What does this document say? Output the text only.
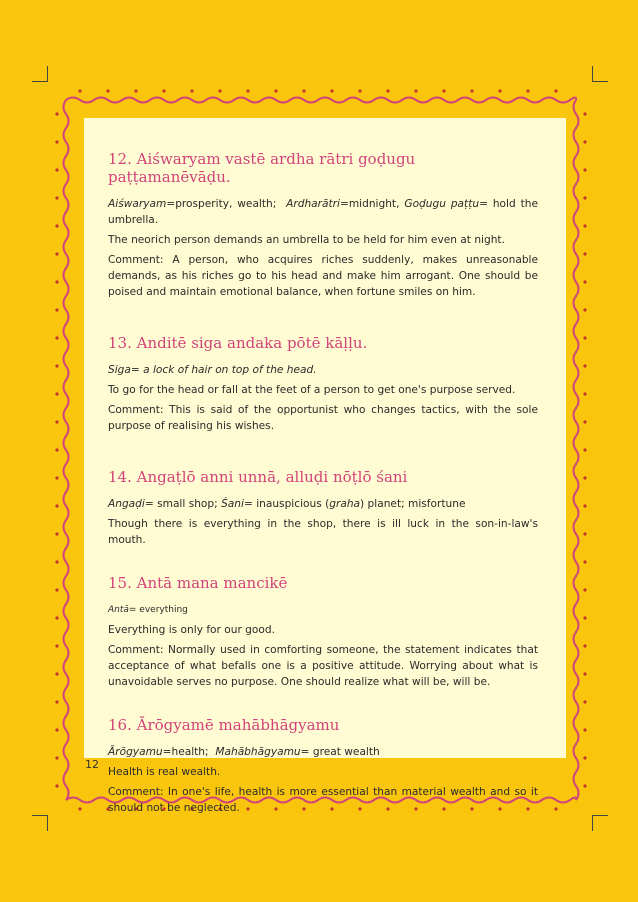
12. Aiśwaryam vastē ardha rātri goḍugu paṭṭamanēvāḍu.

Aiśwaryam=prosperity, wealth; Ardharātri=midnight, Goḍugu paṭṭu= hold the umbrella.

The neorich person demands an umbrella to be held for him even at night.

Comment: A person, who acquires riches suddenly, makes unreasonable demands, as his riches go to his head and make him arrogant. One should be poised and maintain emotional balance, when fortune smiles on him.

13. Anditē siga andaka pōtē kāḷḷu.

Siga= a lock of hair on top of the head.

To go for the head or fall at the feet of a person to get one's purpose served.

Comment: This is said of the opportunist who changes tactics, with the sole purpose of realising his wishes.

14. Angaṭlō anni unnā, alluḍi nōṭlō śani

Angaḍi= small shop; Śani= inauspicious (graha) planet; misfortune

Though there is everything in the shop, there is ill luck in the son-in-law's mouth.

15. Antā mana mancikē

Antā= everything

Everything is only for our good.

Comment: Normally used in comforting someone, the statement indicates that acceptance of what befalls one is a positive attitude. Worrying about what is unavoidable serves no purpose. One should realize what will be, will be.

16. Ārōgyamē mahābhāgyamu

Ārōgyamu=health; Mahābhāgyamu= great wealth

Health is real wealth.

Comment: In one's life, health is more essential than material wealth and so it should not be neglected.

12
